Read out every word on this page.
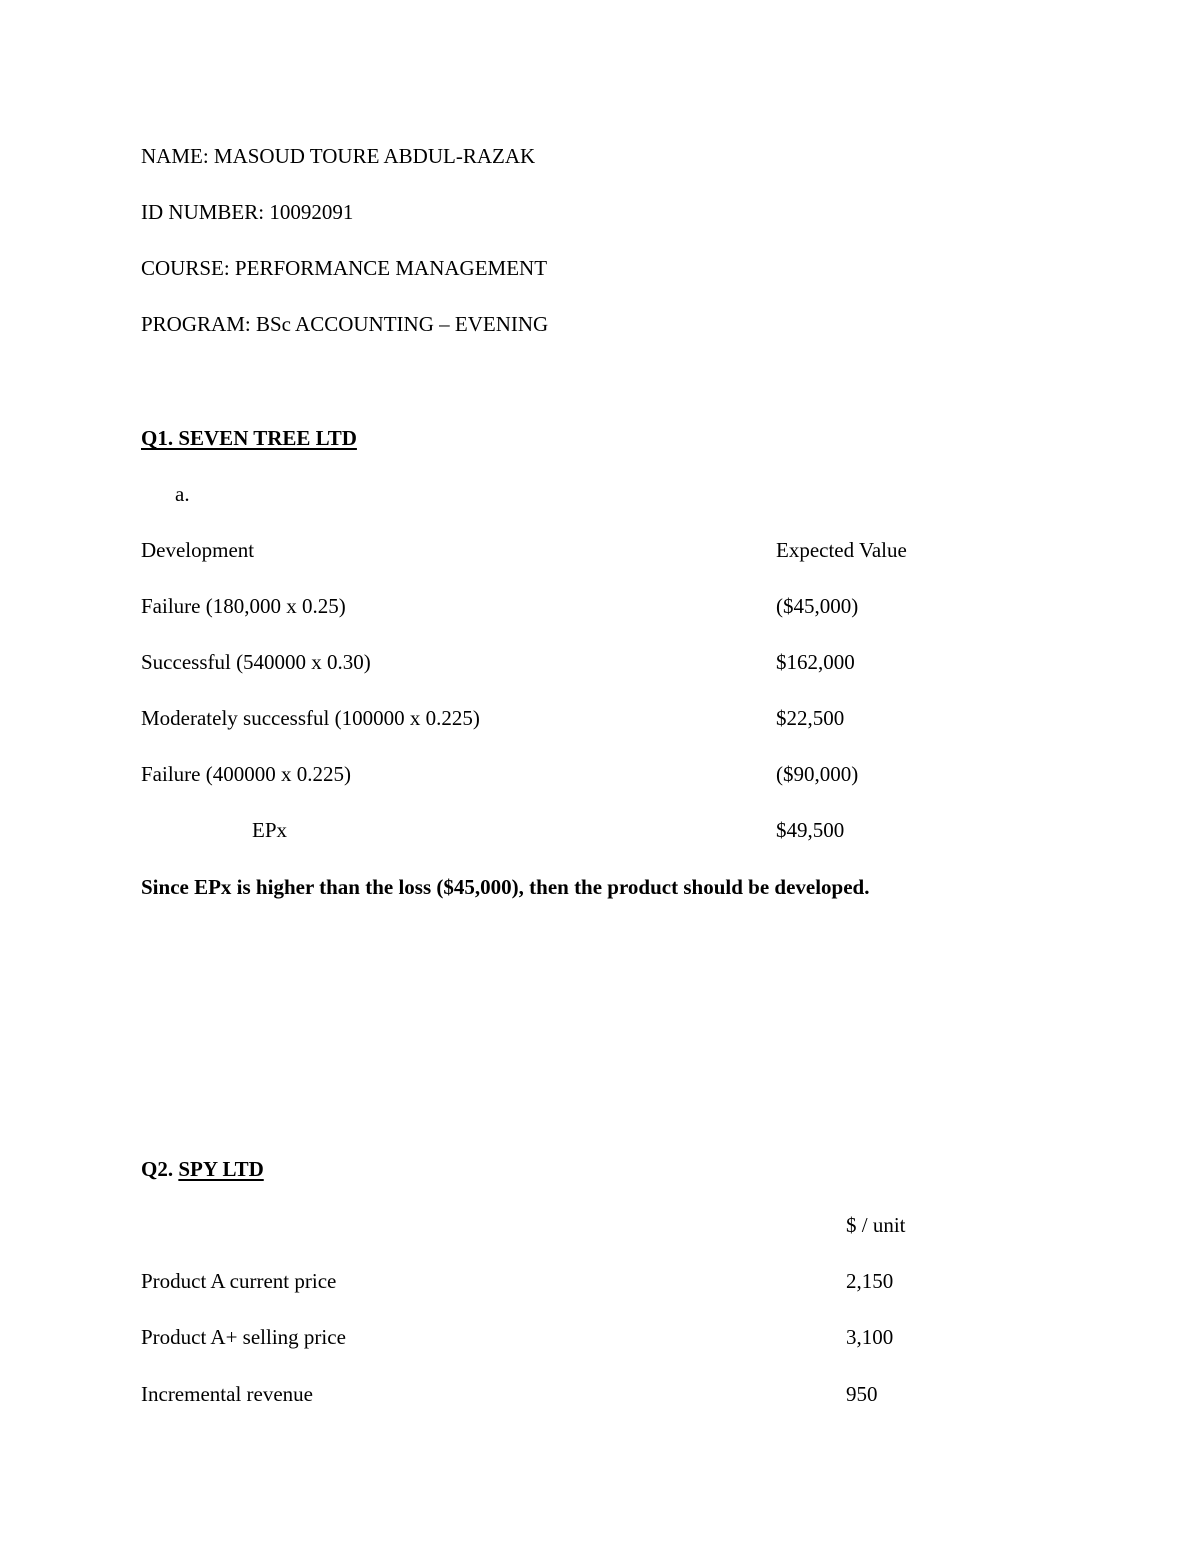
NAME: MASOUD TOURE ABDUL-RAZAK
ID NUMBER: 10092091
COURSE: PERFORMANCE MANAGEMENT
PROGRAM: BSc ACCOUNTING – EVENING
Q1. SEVEN TREE LTD
a.
Development	Expected Value
Failure (180,000 x 0.25)	($45,000)
Successful (540000 x 0.30)	$162,000
Moderately successful (100000 x 0.225)	$22,500
Failure (400000 x 0.225)	($90,000)
EPx	$49,500
Since EPx is higher than the loss ($45,000), then the product should be developed.
Q2. SPY LTD
$ / unit
Product A current price	2,150
Product A+ selling price	3,100
Incremental revenue	950
